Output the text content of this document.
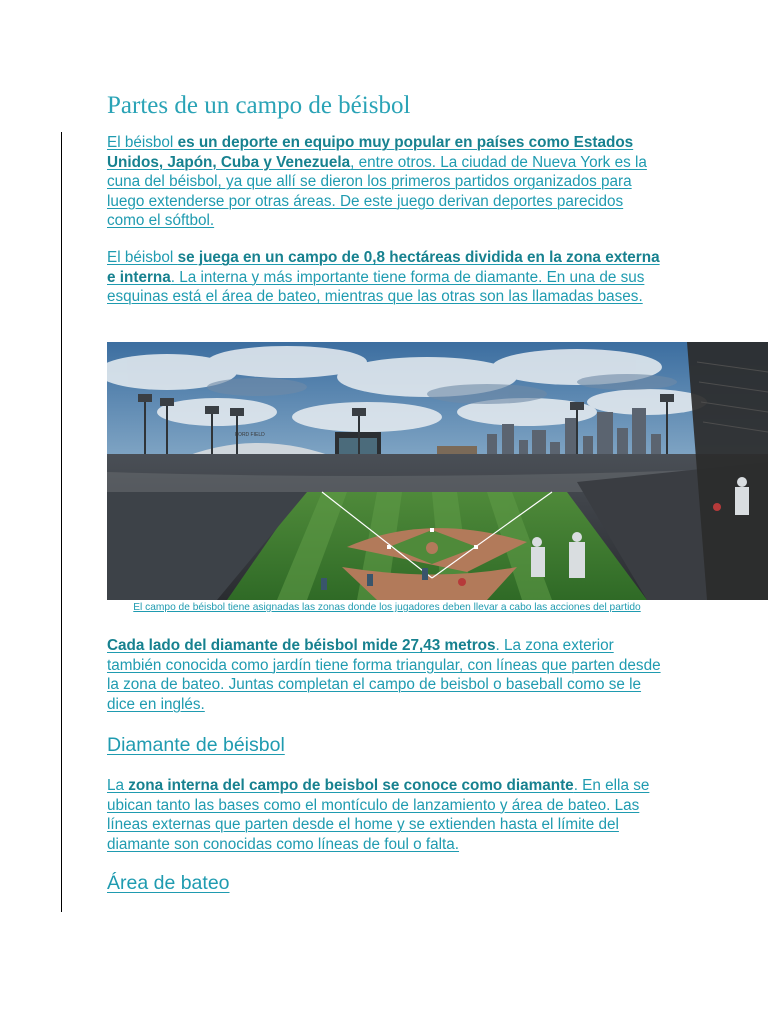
Partes de un campo de béisbol

El béisbol es un deporte en equipo muy popular en países como Estados Unidos, Japón, Cuba y Venezuela, entre otros. La ciudad de Nueva York es la cuna del béisbol, ya que allí se dieron los primeros partidos organizados para luego extenderse por otras áreas. De este juego derivan deportes parecidos como el sóftbol.

El béisbol se juega en un campo de 0,8 hectáreas dividida en la zona externa e interna. La interna y más importante tiene forma de diamante. En una de sus esquinas está el área de bateo, mientras que las otras son las llamadas bases.

Cada lado del diamante de béisbol mide 27,43 metros. La zona exterior también conocida como jardín tiene forma triangular, con líneas que parten desde la zona de bateo. Juntas completan el campo de beisbol o baseball como se le dice en inglés.

Diamante de béisbol

La zona interna del campo de beisbol se conoce como diamante. En ella se ubican tanto las bases como el montículo de lanzamiento y área de bateo. Las líneas externas que parten desde el home y se extienden hasta el límite del diamante son conocidas como líneas de foul o falta.

Área de bateo
FORD FIELD

El campo de béisbol tiene asignadas las zonas donde los jugadores deben llevar a cabo las acciones del partido
